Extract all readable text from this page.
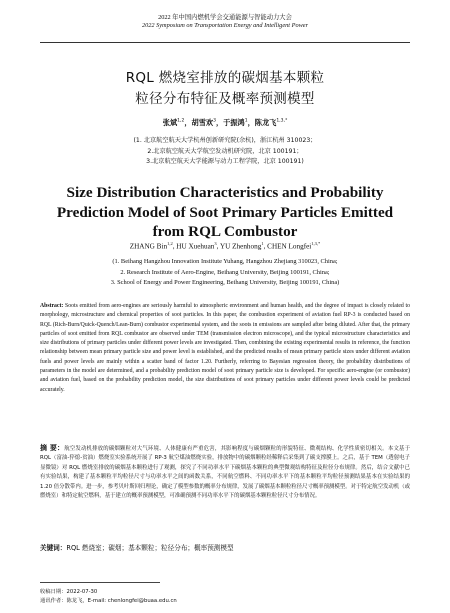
2022 年中国内燃机学会交通能源与智能动力大会
2022 Symposium on Transportation Energy and Intelligent Power
RQL 燃烧室排放的碳烟基本颗粒
粒径分布特征及概率预测模型
张斌$^{1,2}$，胡雪欢$^3$，于振鸿$^1$，陈龙飞$^{1,3,*}$
(1. 北京航空航天大学杭州创新研究院(余杭)，浙江杭州 310023；
2.北京航空航天大学航空发动机研究院，北京 100191；
3.北京航空航天大学能源与动力工程学院，北京 100191)
Size Distribution Characteristics and Probability Prediction Model of Soot Primary Particles Emitted from RQL Combustor
ZHANG Bin$^{1,2}$, HU Xuehuan$^3$, YU Zhenhong$^1$, CHEN Longfei$^{1,3,*}$
(1. Beihang Hangzhou Innovation Institute Yuhang, Hangzhou Zhejiang 310023, China;
2. Research Institute of Aero-Engine, Beihang University, Beijing 100191, China;
3. School of Energy and Power Engineering, Beihang University, Beijing 100191, China)
Abstract: Soots emitted from aero-engines are seriously harmful to atmospheric environment and human health, and the degree of impact is closely related to morphology, microstructure and chemical properties of soot particles. In this paper, the combustion experiment of aviation fuel RP-3 is conducted based on RQL (Rich-Burn/Quick-Quench/Lean-Burn) combustor experimental system, and the soots in emissions are sampled after being diluted. After that, the primary particles of soot emitted from RQL combustor are observed under TEM (transmission electron microscope), and the typical microstructure characteristics and size distributions of primary particles under different power levels are investigated. Then, combining the existing experimental results in reference, the function relationship between mean primary particle size and power level is established, and the predicted results of mean primary particle sizes under different aviation fuels and power levels are mainly within a scatter band of factor 1.20. Furtherly, referring to Bayesian regression theory, the probability distributions of parameters in the model are determined, and a probability prediction model of soot primary particle size is developed. For specific aero-engine (or combustor) and aviation fuel, based on the probability prediction model, the size distributions of soot primary particles under different power levels could be predicted accurately.
摘 要：航空发动机排放的碳烟颗粒对大气环境、人体健康有严重危害，其影响程度与碳烟颗粒的形貌特征、微观结构、化学性质密切相关。本文基于 RQL（富油-猝熄-贫油）燃烧室实验系统开展了 RP-3 航空煤油燃烧实验，排放物中的碳烟颗粒经稀释后采集到了碳支撑膜上。之后，基于 TEM（透射电子显微镜）对 RQL 燃烧室排放的碳烟基本颗粒进行了观测，探究了不同功率水平下碳烟基本颗粒的典型微观结构特征及粒径分布规律。然后，结合文献中已有实验结果，构建了基本颗粒平均粒径尺寸与功率水平之间的函数关系，不同航空燃料、不同功率水平下的基本颗粒平均粒径预测结果基本在实验结果的 1.20 倍分散带内。进一步，参考贝叶斯回归理论，确定了模型参数的概率分布规律，发展了碳烟基本颗粒粒径尺寸概率预测模型。对于特定航空发动机（或燃烧室）和特定航空燃料，基于建立的概率预测模型，可准确预测不同功率水平下的碳烟基本颗粒粒径尺寸分布情况。
关键词：RQL 燃烧室；碳烟；基本颗粒；粒径分布；概率预测模型
收稿日期：2022-07-30
通讯作者：陈龙飞，E-mail: chenlongfei@buaa.edu.cn
